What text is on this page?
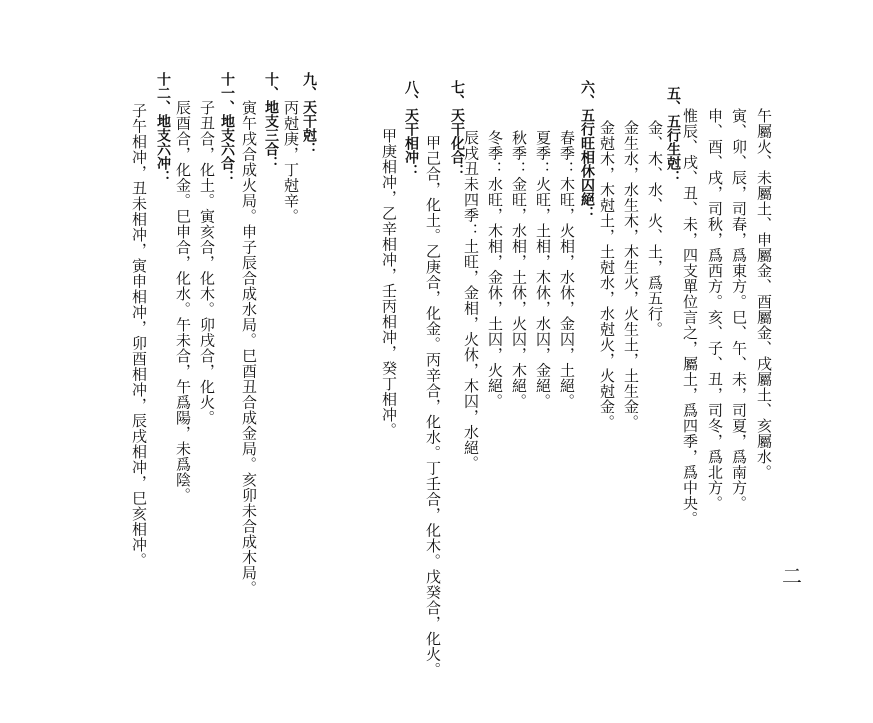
午屬火、未屬土、申屬金、酉屬金、戌屬土、亥屬水。
寅、卯、辰，司春，爲東方。巳、午、未，司夏，爲南方。
申、酉、戌，司秋，爲西方。亥、子、丑，司冬，爲北方。
惟辰、戌、丑、未，四支單位言之，屬土，爲四季，爲中央。
五、五行生尅：
金、木、水、火、土，爲五行。
金生水，水生木，木生火，火生土，土生金。
金尅木，木尅土，土尅水，水尅火，火尅金。
六、五行旺相休囚絕：
春季：木旺，火相，水休，金囚，土絕。
夏季：火旺，土相，木休，水囚，金絕。
秋季：金旺，水相，土休，火囚，木絕。
冬季：水旺，木相，金休，土囚，火絕。
辰戌丑未四季：土旺，金相，火休，木囚，水絕。
七、天干化合：
甲己合，化土。乙庚合，化金。丙辛合，化水。丁壬合，化木。戊癸合，化火。
八、天干相冲：
甲庚相冲，乙辛相冲，壬丙相冲，癸丁相冲。
九、天干尅：
丙尅庚，丁尅辛。
十、地支三合：
寅午戌合成火局。申子辰合成水局。巳酉丑合成金局。亥卯未合成木局。
十一、地支六合：
子丑合，化土。寅亥合，化木。卯戌合，化火。
辰酉合，化金。巳申合，化水。午未合，午爲陽，未爲陰。
十二、地支六冲：
子午相冲，丑未相冲，寅申相冲，卯酉相冲，辰戌相冲，巳亥相冲。
二
